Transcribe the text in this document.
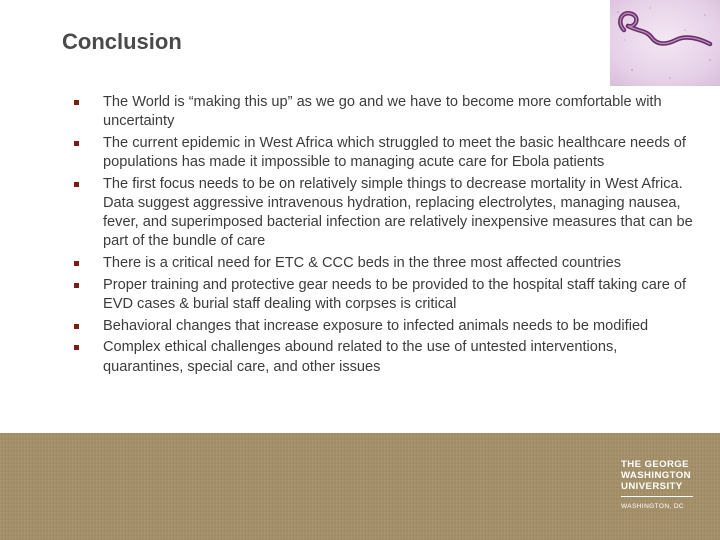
Conclusion
The World is “making this up” as we go and we have to become more comfortable with uncertainty
The current epidemic in West Africa which struggled to meet the basic healthcare needs of populations has made it impossible to managing acute care for Ebola patients
The first focus needs to be on relatively simple things to decrease mortality in West Africa. Data suggest aggressive intravenous hydration, replacing electrolytes, managing nausea, fever, and superimposed bacterial infection are relatively inexpensive measures that can be part of the bundle of care
There is a critical need for ETC & CCC beds in the three most affected countries
Proper training and protective gear needs to be provided to the hospital staff taking care of EVD cases & burial staff dealing with corpses is critical
Behavioral changes that increase exposure to infected animals needs to be modified
Complex ethical challenges abound related to the use of untested interventions, quarantines, special care, and other issues
THE GEORGE
WASHINGTON
UNIVERSITY
WASHINGTON, DC
